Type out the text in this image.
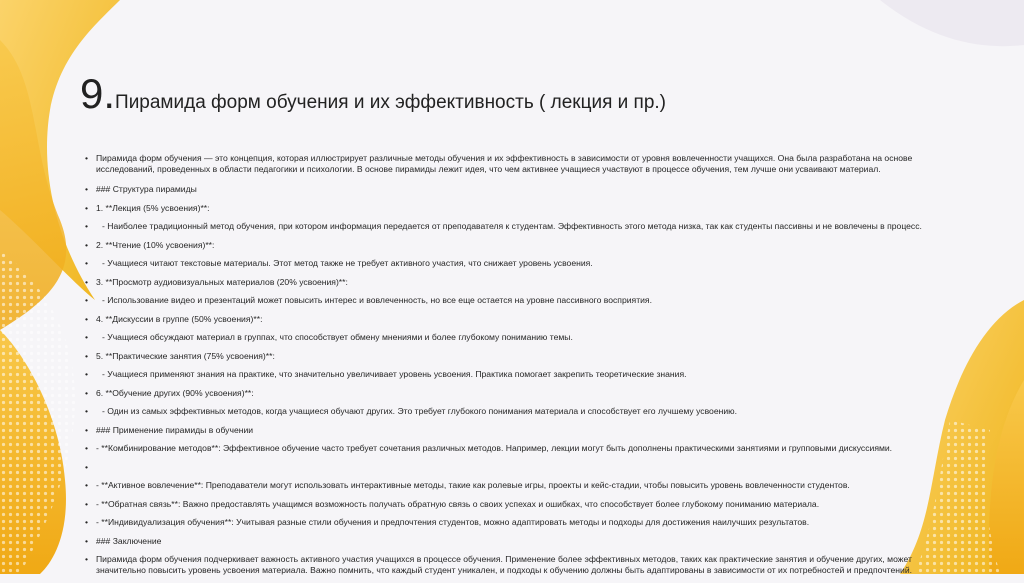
9.Пирамида форм обучения и их эффективность ( лекция и пр.)
• Пирамида форм обучения — это концепция, которая иллюстрирует различные методы обучения и их эффективность в зависимости от уровня вовлеченности учащихся. Она была разработана на основе исследований, проведенных в области педагогики и психологии. В основе пирамиды лежит идея, что чем активнее учащиеся участвуют в процессе обучения, тем лучше они усваивают материал.
• ### Структура пирамиды
• 1. **Лекция (5% усвоения)**:
• - Наиболее традиционный метод обучения, при котором информация передается от преподавателя к студентам. Эффективность этого метода низка, так как студенты пассивны и не вовлечены в процесс.
• 2. **Чтение (10% усвоения)**:
• - Учащиеся читают текстовые материалы. Этот метод также не требует активного участия, что снижает уровень усвоения.
• 3. **Просмотр аудиовизуальных материалов (20% усвоения)**:
• - Использование видео и презентаций может повысить интерес и вовлеченность, но все еще остается на уровне пассивного восприятия.
• 4. **Дискуссии в группе (50% усвоения)**:
• - Учащиеся обсуждают материал в группах, что способствует обмену мнениями и более глубокому пониманию темы.
• 5. **Практические занятия (75% усвоения)**:
• - Учащиеся применяют знания на практике, что значительно увеличивает уровень усвоения. Практика помогает закрепить теоретические знания.
• 6. **Обучение других (90% усвоения)**:
• - Один из самых эффективных методов, когда учащиеся обучают других. Это требует глубокого понимания материала и способствует его лучшему усвоению.
• ### Применение пирамиды в обучении
• - **Комбинирование методов**: Эффективное обучение часто требует сочетания различных методов. Например, лекции могут быть дополнены практическими занятиями и групповыми дискуссиями.
•
• - **Активное вовлечение**: Преподаватели могут использовать интерактивные методы, такие как ролевые игры, проекты и кейс-стадии, чтобы повысить уровень вовлеченности студентов.
• - **Обратная связь**: Важно предоставлять учащимся возможность получать обратную связь о своих успехах и ошибках, что способствует более глубокому пониманию материала.
• - **Индивидуализация обучения**: Учитывая разные стили обучения и предпочтения студентов, можно адаптировать методы и подходы для достижения наилучших результатов.
• ### Заключение
• Пирамида форм обучения подчеркивает важность активного участия учащихся в процессе обучения. Применение более эффективных методов, таких как практические занятия и обучение других, может значительно повысить уровень усвоения материала. Важно помнить, что каждый студент уникален, и подходы к обучению должны быть адаптированы в зависимости от их потребностей и предпочтений.
